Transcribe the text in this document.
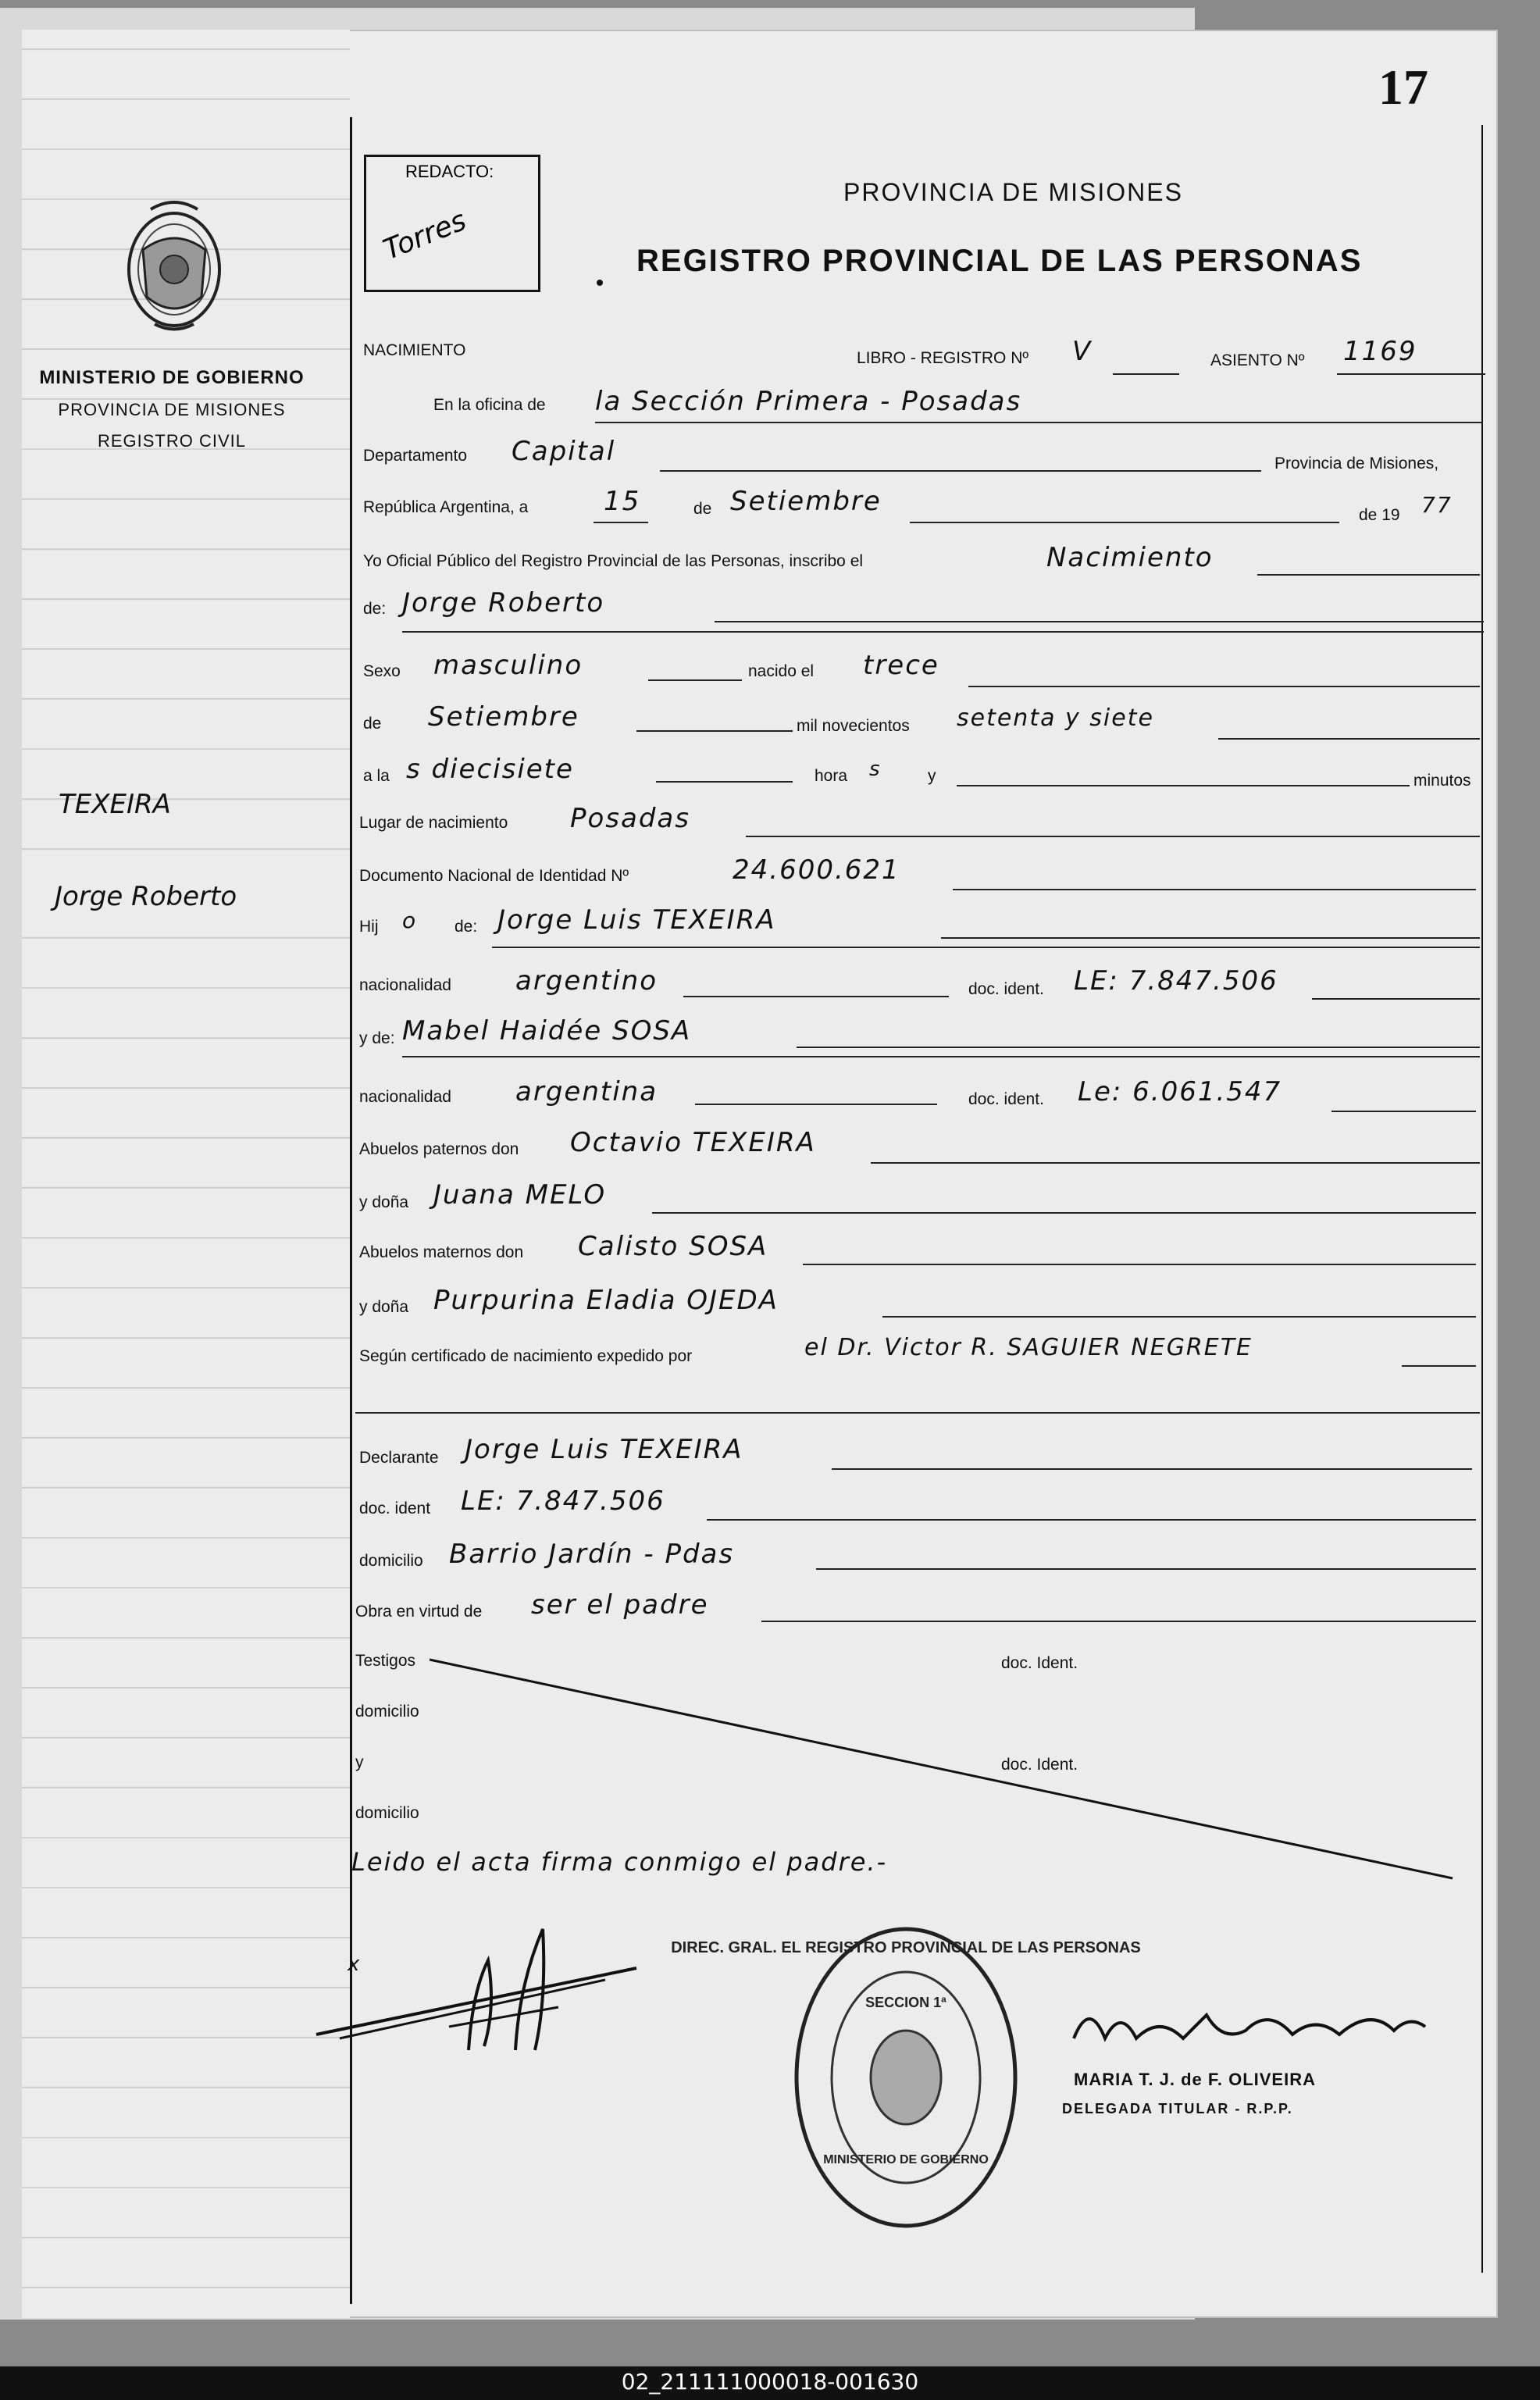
17
MINISTERIO DE GOBIERNO
PROVINCIA DE MISIONES
REGISTRO CIVIL
TEXEIRA
Jorge Roberto
REDACTO:
Torres
PROVINCIA DE MISIONES
REGISTRO PROVINCIAL DE LAS PERSONAS
NACIMIENTO	LIBRO - REGISTRO Nº V	ASIENTO Nº 1169
En la oficina de la Sección Primera - Posadas
Departamento Capital	Provincia de Misiones,
República Argentina, a	15	de Setiembre	de 19 77
Yo Oficial Público del Registro Provincial de las Personas, inscribo el	Nacimiento
de: Jorge Roberto
Sexo masculino	nacido el trece
de Setiembre	mil novecientos setenta y siete
a la s diecisiete	hora s	y	minutos
Lugar de nacimiento Posadas
Documento Nacional de Identidad Nº	24.600.621
Hij o de: Jorge Luis TEXEIRA
nacionalidad argentino	doc. ident. LE: 7.847.506
y de: Mabel Haidée SOSA
nacionalidad argentina	doc. ident. Le: 6.061.547
Abuelos paternos don Octavio TEXEIRA
y doña Juana MELO
Abuelos maternos don Calisto SOSA
y doña Purpurina Eladia OJEDA
Según certificado de nacimiento expedido por	el Dr. Victor R. SAGUIER NEGRETE
Declarante Jorge Luis TEXEIRA
doc. ident LE: 7.847.506
domicilio Barrio Jardín - Pdas
Obra en virtud de ser el padre
Testigos	doc. Ident.
domicilio
y	doc. Ident.
domicilio
Leido el acta firma conmigo el padre.-
x
DIREC. GRAL. EL REGISTRO PROVINCIAL DE LAS PERSONAS
SECCION 1ª
MINISTERIO DE GOBIERNO
MARIA T. J. de F. OLIVEIRA
DELEGADA TITULAR - R.P.P.
02_211111000018-001630
